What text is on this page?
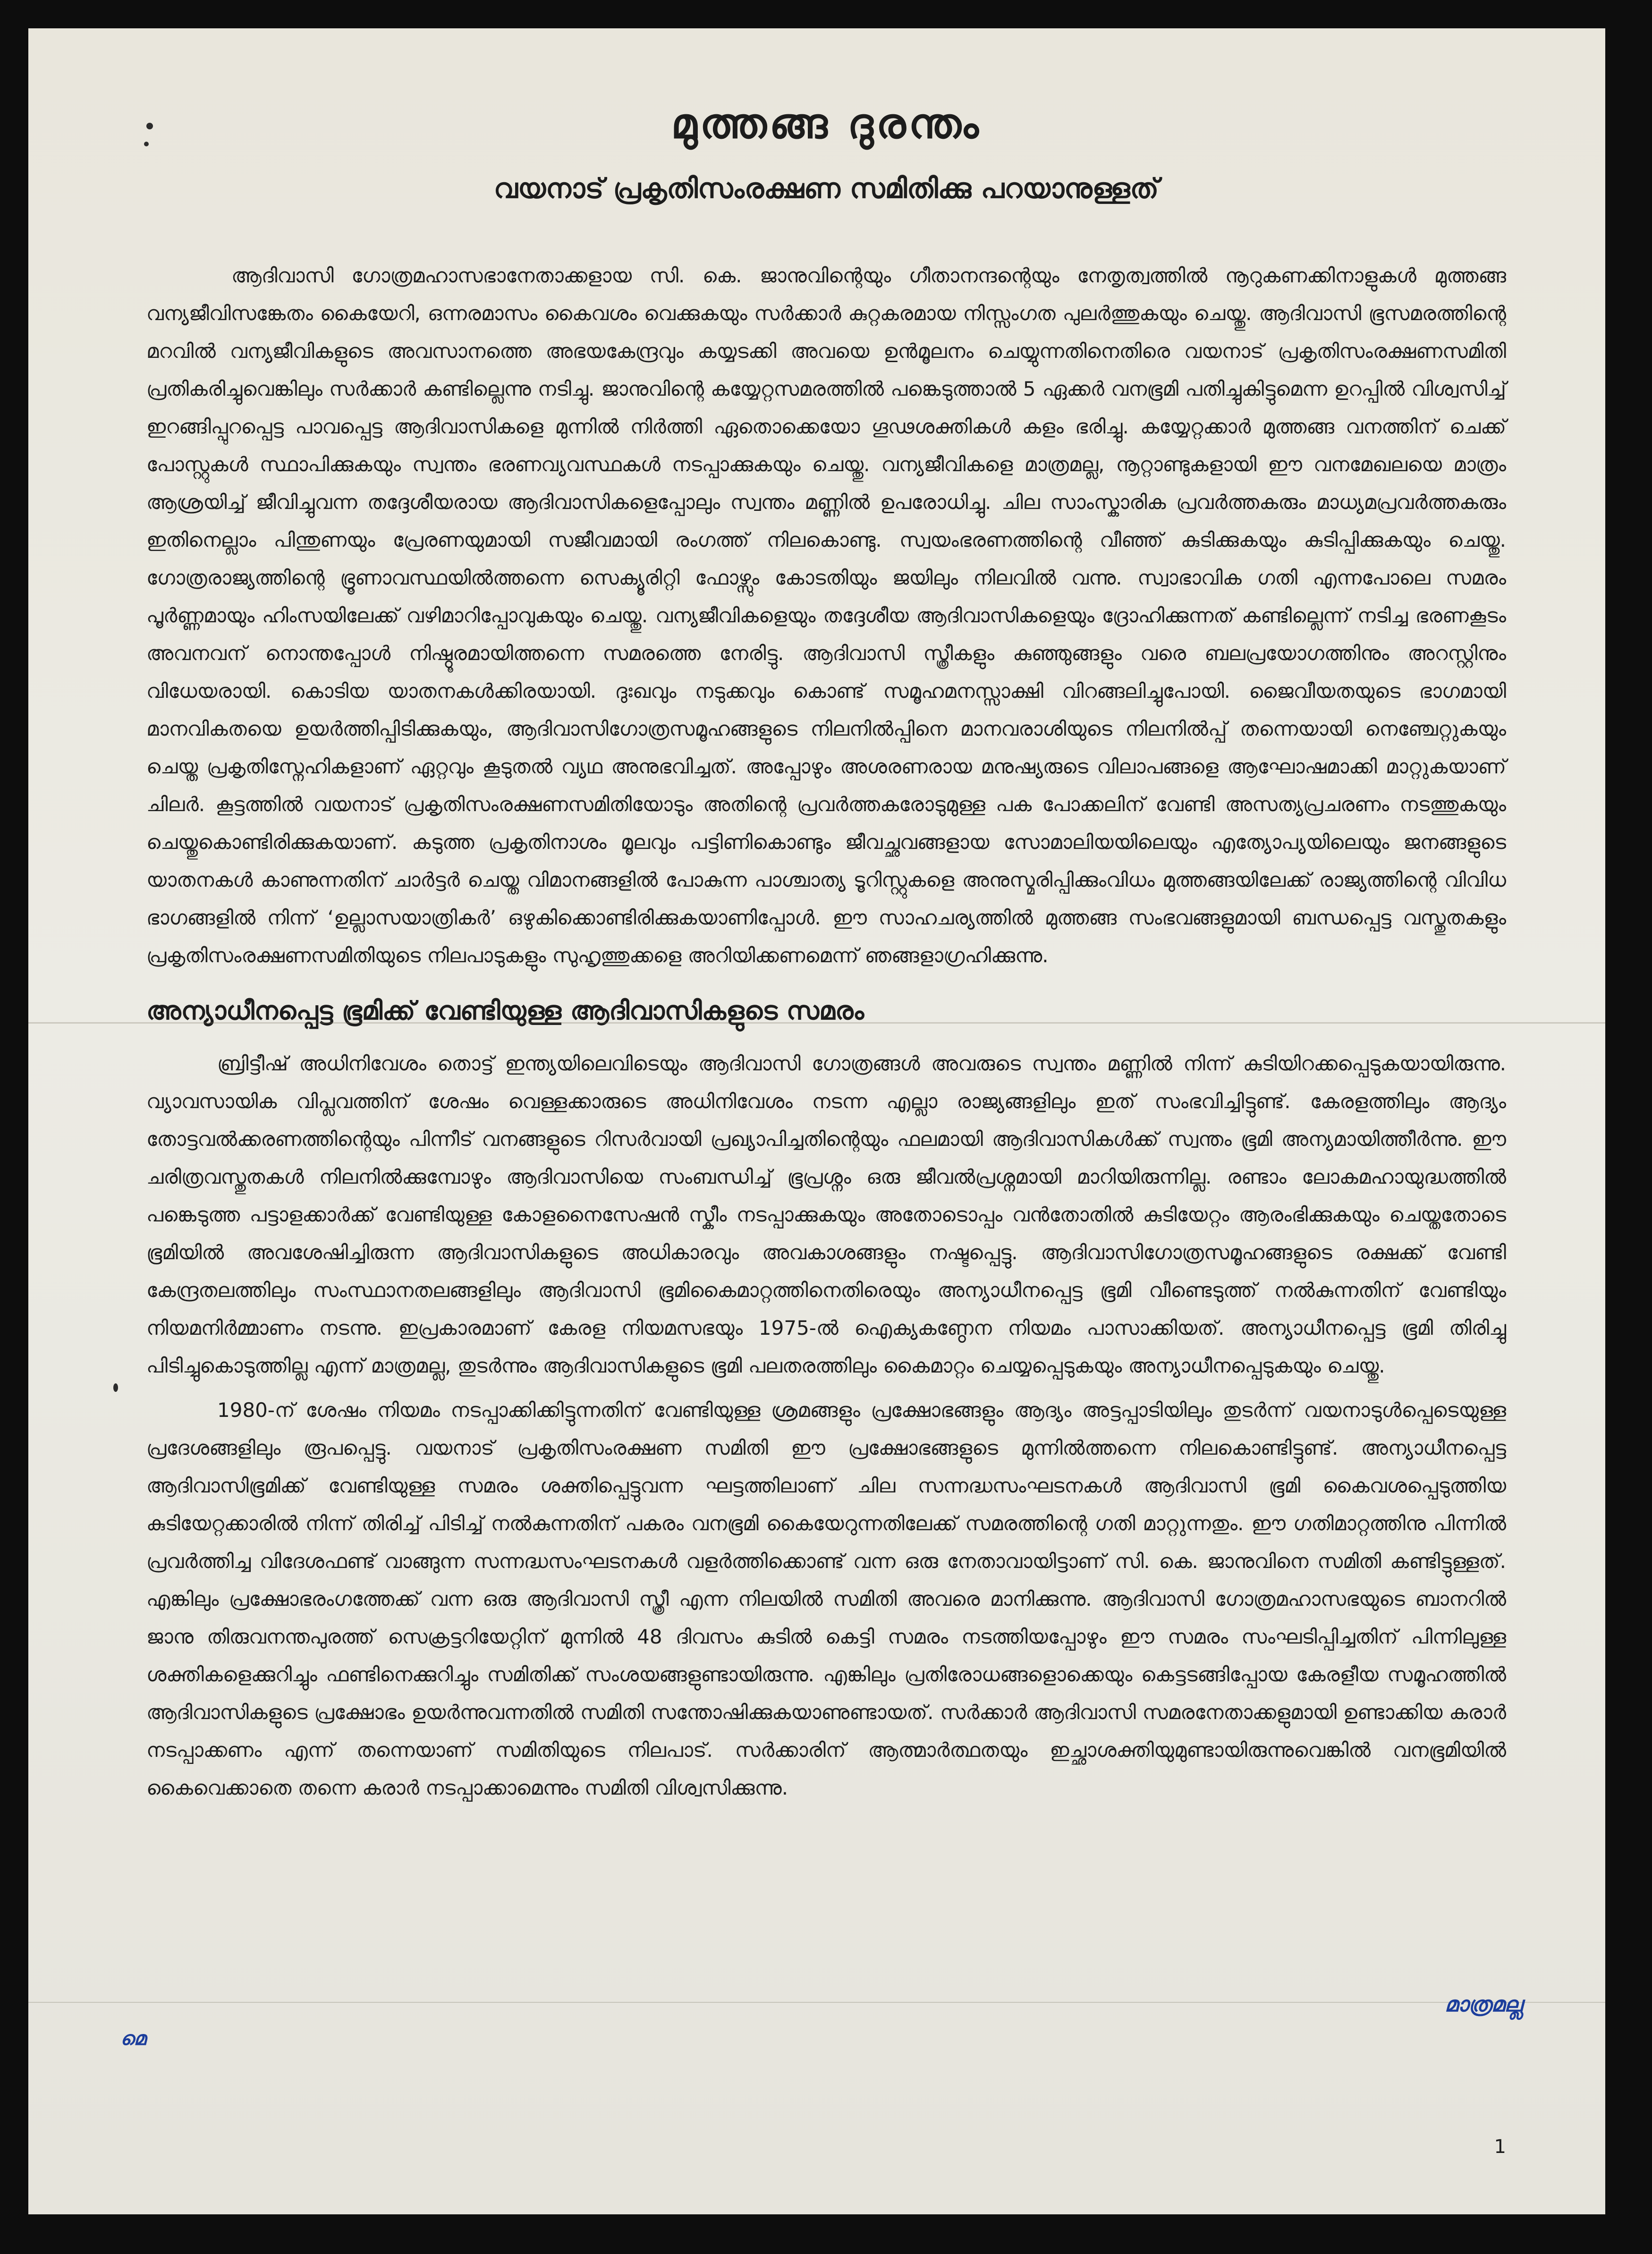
മുത്തങ്ങ ദുരന്തം
വയനാട് പ്രകൃതിസംരക്ഷണ സമിതിക്കു പറയാനുള്ളത്

ആദിവാസി ഗോത്രമഹാസഭാനേതാക്കളായ സി. കെ. ജാനുവിന്റെയും ഗീതാനന്ദന്റെയും നേതൃത്വത്തിൽ നൂറുകണക്കിനാളുകൾ മുത്തങ്ങ വന്യജീവിസങ്കേതം കൈയേറി, ഒന്നരമാസം കൈവശം വെക്കുകയും സർക്കാർ കുറ്റകരമായ നിസ്സംഗത പുലർത്തുകയും ചെയ്തു. ആദിവാസി ഭൂസമരത്തിന്റെ മറവിൽ വന്യജീവികളുടെ അവസാനത്തെ അഭയകേന്ദ്രവും കയ്യടക്കി അവയെ ഉൻമൂലനം ചെയ്യുന്നതിനെതിരെ വയനാട് പ്രകൃതിസംരക്ഷണസമിതി പ്രതികരിച്ചുവെങ്കിലും സർക്കാർ കണ്ടില്ലെന്നു നടിച്ചു. ജാനുവിന്റെ കയ്യേറ്റസമരത്തിൽ പങ്കെടുത്താൽ 5 ഏക്കർ വനഭൂമി പതിച്ചുകിട്ടുമെന്ന ഉറപ്പിൽ വിശ്വസിച്ച് ഇറങ്ങിപ്പുറപ്പെട്ട പാവപ്പെട്ട ആദിവാസികളെ മുന്നിൽ നിർത്തി ഏതൊക്കെയോ ഗൂഢശക്തികൾ കളം ഭരിച്ചു. കയ്യേറ്റക്കാർ മുത്തങ്ങ വനത്തിന് ചെക്ക് പോസ്റ്റുകൾ സ്ഥാപിക്കുകയും സ്വന്തം ഭരണവ്യവസ്ഥകൾ നടപ്പാക്കുകയും ചെയ്തു. വന്യജീവികളെ മാത്രമല്ല, നൂറ്റാണ്ടുകളായി ഈ വനമേഖലയെ മാത്രം ആശ്രയിച്ച് ജീവിച്ചുവന്ന തദ്ദേശീയരായ ആദിവാസികളെപ്പോലും സ്വന്തം മണ്ണിൽ ഉപരോധിച്ചു. ചില സാംസ്കാരിക പ്രവർത്തകരും മാധ്യമപ്രവർത്തകരും ഇതിനെല്ലാം പിന്തുണയും പ്രേരണയുമായി സജീവമായി രംഗത്ത് നിലകൊണ്ടു. സ്വയംഭരണത്തിന്റെ വീഞ്ഞ് കുടിക്കുകയും കുടിപ്പിക്കുകയും ചെയ്തു. ഗോത്രരാജ്യത്തിന്റെ ഭ്രൂണാവസ്ഥയിൽത്തന്നെ സെക്യൂരിറ്റി ഫോഴ്സും കോടതിയും ജയിലും നിലവിൽ വന്നു. സ്വാഭാവിക ഗതി എന്നപോലെ സമരം പൂർണ്ണമായും ഹിംസയിലേക്ക് വഴിമാറിപ്പോവുകയും ചെയ്തു. വന്യജീവികളെയും തദ്ദേശീയ ആദിവാസികളെയും ദ്രോഹിക്കുന്നത് കണ്ടില്ലെന്ന് നടിച്ച ഭരണകൂടം അവനവന് നൊന്തപ്പോൾ നിഷ്ഠൂരമായിത്തന്നെ സമരത്തെ നേരിട്ടു. ആദിവാസി സ്ത്രീകളും കുഞ്ഞുങ്ങളും വരെ ബലപ്രയോഗത്തിനും അറസ്റ്റിനും വിധേയരായി. കൊടിയ യാതനകൾക്കിരയായി. ദുഃഖവും നടുക്കവും കൊണ്ട് സമൂഹമനസ്സാക്ഷി വിറങ്ങലിച്ചുപോയി. ജൈവീയതയുടെ ഭാഗമായി മാനവികതയെ ഉയർത്തിപ്പിടിക്കുകയും, ആദിവാസിഗോത്രസമൂഹങ്ങളുടെ നിലനിൽപ്പിനെ മാനവരാശിയുടെ നിലനിൽപ്പ് തന്നെയായി നെഞ്ചേറ്റുകയും ചെയ്ത പ്രകൃതിസ്നേഹികളാണ് ഏറ്റവും കൂടുതൽ വ്യഥ അനുഭവിച്ചത്. അപ്പോഴും അശരണരായ മനുഷ്യരുടെ വിലാപങ്ങളെ ആഘോഷമാക്കി മാറ്റുകയാണ് ചിലർ. കൂട്ടത്തിൽ വയനാട് പ്രകൃതിസംരക്ഷണസമിതിയോടും അതിന്റെ പ്രവർത്തകരോടുമുള്ള പക പോക്കലിന് വേണ്ടി അസത്യപ്രചരണം നടത്തുകയും ചെയ്തുകൊണ്ടിരിക്കുകയാണ്. കടുത്ത പ്രകൃതിനാശം മൂലവും പട്ടിണികൊണ്ടും ജീവച്ഛവങ്ങളായ സോമാലിയയിലെയും എത്യോപ്യയിലെയും ജനങ്ങളുടെ യാതനകൾ കാണുന്നതിന് ചാർട്ടർ ചെയ്ത വിമാനങ്ങളിൽ പോകുന്ന പാശ്ചാത്യ ടൂറിസ്റ്റുകളെ അനുസ്മരിപ്പിക്കുംവിധം മുത്തങ്ങയിലേക്ക് രാജ്യത്തിന്റെ വിവിധ ഭാഗങ്ങളിൽ നിന്ന് ‘ഉല്ലാസയാത്രികർ’ ഒഴുകിക്കൊണ്ടിരിക്കുകയാണിപ്പോൾ. ഈ സാഹചര്യത്തിൽ മുത്തങ്ങ സംഭവങ്ങളുമായി ബന്ധപ്പെട്ട വസ്തുതകളും പ്രകൃതിസംരക്ഷണസമിതിയുടെ നിലപാടുകളും സുഹൃത്തുക്കളെ അറിയിക്കണമെന്ന് ഞങ്ങളാഗ്രഹിക്കുന്നു.

അന്യാധീനപ്പെട്ട ഭൂമിക്ക് വേണ്ടിയുള്ള ആദിവാസികളുടെ സമരം

ബ്രിട്ടീഷ് അധിനിവേശം തൊട്ട് ഇന്ത്യയിലെവിടെയും ആദിവാസി ഗോത്രങ്ങൾ അവരുടെ സ്വന്തം മണ്ണിൽ നിന്ന് കുടിയിറക്കപ്പെടുകയായിരുന്നു. വ്യാവസായിക വിപ്ലവത്തിന് ശേഷം വെള്ളക്കാരുടെ അധിനിവേശം നടന്ന എല്ലാ രാജ്യങ്ങളിലും ഇത് സംഭവിച്ചിട്ടുണ്ട്. കേരളത്തിലും ആദ്യം തോട്ടവൽക്കരണത്തിന്റെയും പിന്നീട് വനങ്ങളുടെ റിസർവായി പ്രഖ്യാപിച്ചതിന്റെയും ഫലമായി ആദിവാസികൾക്ക് സ്വന്തം ഭൂമി അന്യമായിത്തീർന്നു. ഈ ചരിത്രവസ്തുതകൾ നിലനിൽക്കുമ്പോഴും ആദിവാസിയെ സംബന്ധിച്ച് ഭൂപ്രശ്നം ഒരു ജീവൽപ്രശ്നമായി മാറിയിരുന്നില്ല. രണ്ടാം ലോകമഹായുദ്ധത്തിൽ പങ്കെടുത്ത പട്ടാളക്കാർക്ക് വേണ്ടിയുള്ള കോളനൈസേഷൻ സ്കീം നടപ്പാക്കുകയും അതോടൊപ്പം വൻതോതിൽ കുടിയേറ്റം ആരംഭിക്കുകയും ചെയ്തതോടെ ഭൂമിയിൽ അവശേഷിച്ചിരുന്ന ആദിവാസികളുടെ അധികാരവും അവകാശങ്ങളും നഷ്ടപ്പെട്ടു. ആദിവാസിഗോത്രസമൂഹങ്ങളുടെ രക്ഷക്ക് വേണ്ടി കേന്ദ്രതലത്തിലും സംസ്ഥാനതലങ്ങളിലും ആദിവാസി ഭൂമികൈമാറ്റത്തിനെതിരെയും അന്യാധീനപ്പെട്ട ഭൂമി വീണ്ടെടുത്ത് നൽകുന്നതിന് വേണ്ടിയും നിയമനിർമ്മാണം നടന്നു. ഇപ്രകാരമാണ് കേരള നിയമസഭയും 1975-ൽ ഐക്യകണ്ഠേന നിയമം പാസാക്കിയത്. അന്യാധീനപ്പെട്ട ഭൂമി തിരിച്ചു പിടിച്ചുകൊടുത്തില്ല എന്ന് മാത്രമല്ല, തുടർന്നും ആദിവാസികളുടെ ഭൂമി പലതരത്തിലും കൈമാറ്റം ചെയ്യപ്പെടുകയും അന്യാധീനപ്പെടുകയും ചെയ്തു.

1980-ന് ശേഷം നിയമം നടപ്പാക്കിക്കിട്ടുന്നതിന് വേണ്ടിയുള്ള ശ്രമങ്ങളും പ്രക്ഷോഭങ്ങളും ആദ്യം അട്ടപ്പാടിയിലും തുടർന്ന് വയനാടുൾപ്പെടെയുള്ള പ്രദേശങ്ങളിലും രൂപപ്പെട്ടു. വയനാട് പ്രകൃതിസംരക്ഷണ സമിതി ഈ പ്രക്ഷോഭങ്ങളുടെ മുന്നിൽത്തന്നെ നിലകൊണ്ടിട്ടുണ്ട്. അന്യാധീനപ്പെട്ട ആദിവാസിഭൂമിക്ക് വേണ്ടിയുള്ള സമരം ശക്തിപ്പെട്ടുവന്ന ഘട്ടത്തിലാണ് ചില സന്നദ്ധസംഘടനകൾ ആദിവാസി ഭൂമി കൈവശപ്പെടുത്തിയ കുടിയേറ്റക്കാരിൽ നിന്ന് തിരിച്ച് പിടിച്ച് നൽകുന്നതിന് പകരം വനഭൂമി കൈയേറുന്നതിലേക്ക് സമരത്തിന്റെ ഗതി മാറ്റുന്നതും. ഈ ഗതിമാറ്റത്തിനു പിന്നിൽ പ്രവർത്തിച്ച വിദേശഫണ്ട് വാങ്ങുന്ന സന്നദ്ധസംഘടനകൾ വളർത്തിക്കൊണ്ട് വന്ന ഒരു നേതാവായിട്ടാണ് സി. കെ. ജാനുവിനെ സമിതി കണ്ടിട്ടുള്ളത്. എങ്കിലും പ്രക്ഷോഭരംഗത്തേക്ക് വന്ന ഒരു ആദിവാസി സ്ത്രീ എന്ന നിലയിൽ സമിതി അവരെ മാനിക്കുന്നു. ആദിവാസി ഗോത്രമഹാസഭയുടെ ബാനറിൽ ജാനു തിരുവനന്തപുരത്ത് സെക്രട്ടറിയേറ്റിന് മുന്നിൽ 48 ദിവസം കുടിൽ കെട്ടി സമരം നടത്തിയപ്പോഴും ഈ സമരം സംഘടിപ്പിച്ചതിന് പിന്നിലുള്ള ശക്തികളെക്കുറിച്ചും ഫണ്ടിനെക്കുറിച്ചും സമിതിക്ക് സംശയങ്ങളുണ്ടായിരുന്നു. എങ്കിലും പ്രതിരോധങ്ങളൊക്കെയും കെട്ടടങ്ങിപ്പോയ കേരളീയ സമൂഹത്തിൽ ആദിവാസികളുടെ പ്രക്ഷോഭം ഉയർന്നുവന്നതിൽ സമിതി സന്തോഷിക്കുകയാണുണ്ടായത്. സർക്കാർ ആദിവാസി സമരനേതാക്കളുമായി ഉണ്ടാക്കിയ കരാർ നടപ്പാക്കണം എന്ന് തന്നെയാണ് സമിതിയുടെ നിലപാട്. സർക്കാരിന് ആത്മാർത്ഥതയും ഇച്ഛാശക്തിയുമുണ്ടായിരുന്നുവെങ്കിൽ വനഭൂമിയിൽ കൈവെക്കാതെ തന്നെ കരാർ നടപ്പാക്കാമെന്നും സമിതി വിശ്വസിക്കുന്നു.

1
മാത്രമല്ല
മെ
